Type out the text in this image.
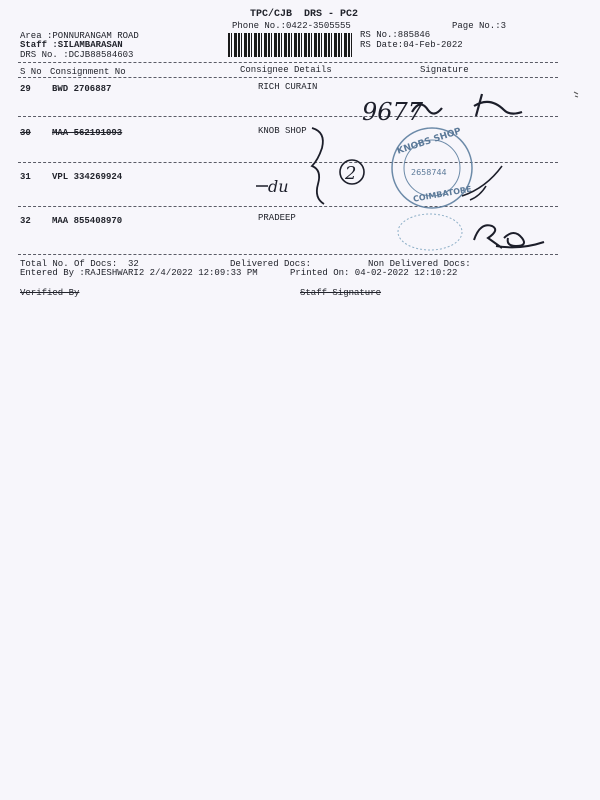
TPC/CJB  DRS - PC2
Phone No.:0422-3505555	Page No.:3
Area :PONNURANGAM ROAD
Staff :SILAMBARASAN
DRS No. :DCJB88584603
RS No.:885846
RS Date:04-Feb-2022
S No Consignment No	Consignee Details	Signature
29 BWD 2706887	RICH CURAIN
30 MAA 562191093	KNOB SHOP
31 VPL 334269924
32 MAA 855408970	PRADEEP
9677
2
du
KNOBS SHOP
2658744
COIMBATORE
Total No. Of Docs:  32	Delivered Docs:	Non Delivered Docs:
Entered By :RAJESHWARI2 2/4/2022 12:09:33 PM	Printed On: 04-02-2022 12:10:22
Verified By	Staff Signature
